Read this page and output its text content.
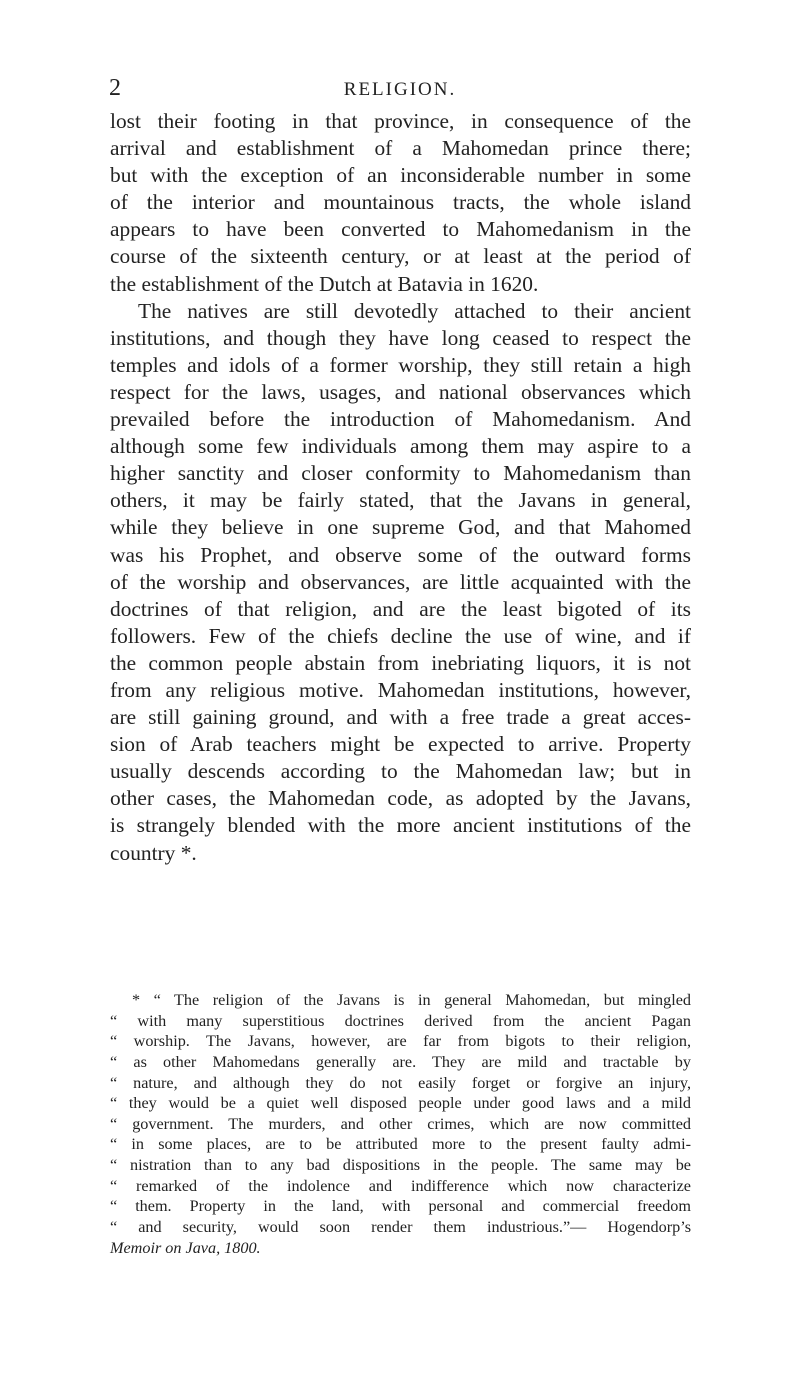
2	RELIGION.
lost their footing in that province, in consequence of the
arrival and establishment of a Mahomedan prince there;
but with the exception of an inconsiderable number in some
of the interior and mountainous tracts, the whole island
appears to have been converted to Mahomedanism in the
course of the sixteenth century, or at least at the period of
the establishment of the Dutch at Batavia in 1620.
The natives are still devotedly attached to their ancient
institutions, and though they have long ceased to respect the
temples and idols of a former worship, they still retain a high
respect for the laws, usages, and national observances which
prevailed before the introduction of Mahomedanism. And
although some few individuals among them may aspire to a
higher sanctity and closer conformity to Mahomedanism than
others, it may be fairly stated, that the Javans in general,
while they believe in one supreme God, and that Mahomed
was his Prophet, and observe some of the outward forms
of the worship and observances, are little acquainted with the
doctrines of that religion, and are the least bigoted of its
followers. Few of the chiefs decline the use of wine, and if
the common people abstain from inebriating liquors, it is not
from any religious motive. Mahomedan institutions, however,
are still gaining ground, and with a free trade a great acces-
sion of Arab teachers might be expected to arrive. Property
usually descends according to the Mahomedan law; but in
other cases, the Mahomedan code, as adopted by the Javans,
is strangely blended with the more ancient institutions of the
country *.
* “ The religion of the Javans is in general Mahomedan, but mingled
“ with many superstitious doctrines derived from the ancient Pagan
“ worship. The Javans, however, are far from bigots to their religion,
“ as other Mahomedans generally are. They are mild and tractable by
“ nature, and although they do not easily forget or forgive an injury,
“ they would be a quiet well disposed people under good laws and a mild
“ government. The murders, and other crimes, which are now committed
“ in some places, are to be attributed more to the present faulty admi-
“ nistration than to any bad dispositions in the people. The same may be
“ remarked of the indolence and indifference which now characterize
“ them. Property in the land, with personal and commercial freedom
“ and security, would soon render them industrious.”— Hogendorp’s
Memoir on Java, 1800.
